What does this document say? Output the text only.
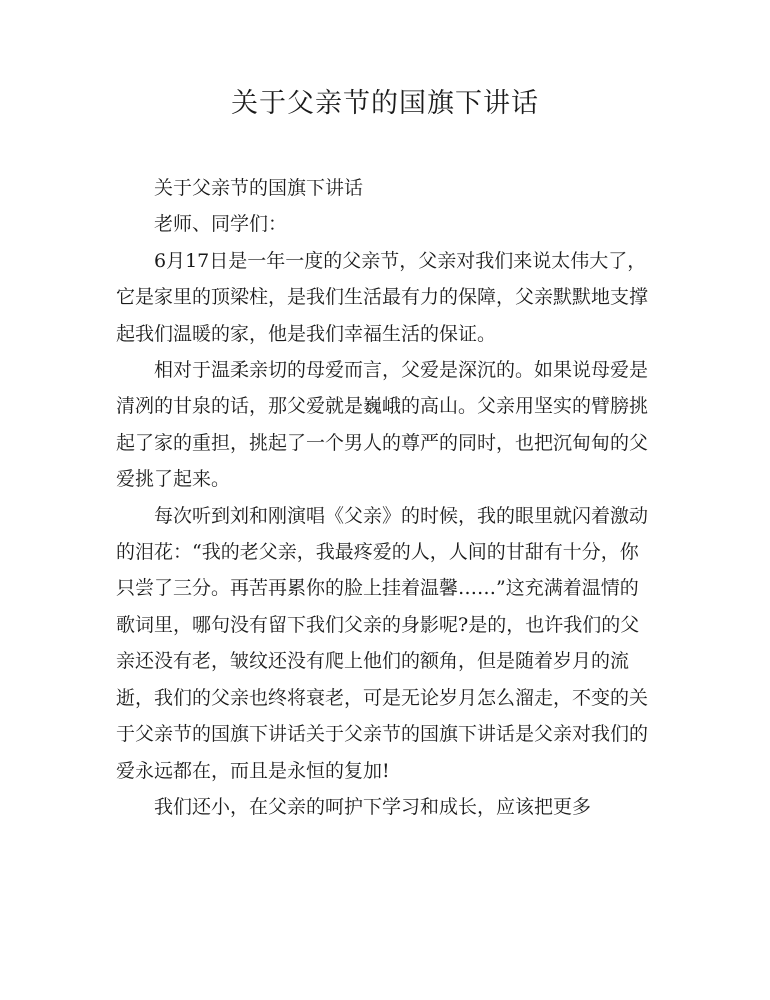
关于父亲节的国旗下讲话

关于父亲节的国旗下讲话

老师、同学们：

6月17日是一年一度的父亲节，父亲对我们来说太伟大了，它是家里的顶梁柱，是我们生活最有力的保障，父亲默默地支撑起我们温暖的家，他是我们幸福生活的保证。

相对于温柔亲切的母爱而言，父爱是深沉的。如果说母爱是清冽的甘泉的话，那父爱就是巍峨的高山。父亲用坚实的臂膀挑起了家的重担，挑起了一个男人的尊严的同时，也把沉甸甸的父爱挑了起来。

每次听到刘和刚演唱《父亲》的时候，我的眼里就闪着激动的泪花：“我的老父亲，我最疼爱的人，人间的甘甜有十分，你只尝了三分。再苦再累你的脸上挂着温馨……”这充满着温情的歌词里，哪句没有留下我们父亲的身影呢?是的，也许我们的父亲还没有老，皱纹还没有爬上他们的额角，但是随着岁月的流逝，我们的父亲也终将衰老，可是无论岁月怎么溜走，不变的关于父亲节的国旗下讲话关于父亲节的国旗下讲话是父亲对我们的爱永远都在，而且是永恒的复加!

我们还小，在父亲的呵护下学习和成长，应该把更多
